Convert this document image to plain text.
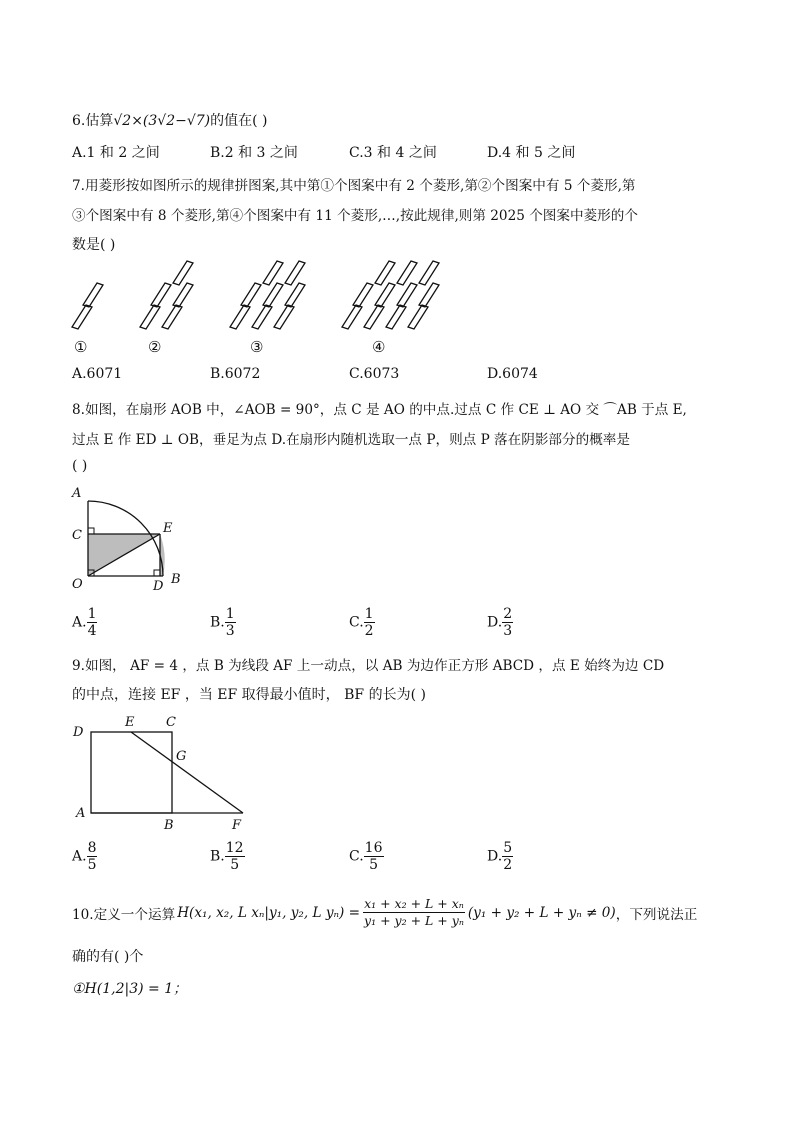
6.估算√2×(3√2−√7)的值在( )
A.1 和 2 之间	B.2 和 3 之间	C.3 和 4 之间	D.4 和 5 之间
7.用菱形按如图所示的规律拼图案,其中第①个图案中有 2 个菱形,第②个图案中有 5 个菱形,第
③个图案中有 8 个菱形,第④个图案中有 11 个菱形,…,按此规律,则第 2025 个图案中菱形的个
数是( )
①	②	③	④
A.6071	B.6072	C.6073	D.6074
8.如图，在扇形 AOB 中，∠AOB = 90°，点 C 是 AO 的中点.过点 C 作 CE ⊥ AO 交 ⌒AB 于点 E,
过点 E 作 ED ⊥ OB，垂足为点 D.在扇形内随机选取一点 P，则点 P 落在阴影部分的概率是
( )
A
C
O
E
D B
A. $\frac{1}{4}$	B. $\frac{1}{3}$	C. $\frac{1}{2}$	D. $\frac{2}{3}$
9.如图， AF = 4 ，点 B 为线段 AF 上一动点，以 AB 为边作正方形 ABCD ，点 E 始终为边 CD
的中点，连接 EF ，当 EF 取得最小值时， BF 的长为( )
D
E C
G
A
B	F
A. $\frac{8}{5}$	B. $\frac{12}{5}$	C. $\frac{16}{5}$	D. $\frac{5}{2}$
10.定义一个运算 H(x₁, x₂, L xₙ|y₁, y₂, L $y_n) = \frac{\text{x₁ + x₂ + L + xₙ}}{\text{y₁ + y₂ + L + yₙ}} (y_1 + y_2 + L + y_n \ne 0)$ ，下列说法正
确的有( )个
①H(1,2|3) = 1；
